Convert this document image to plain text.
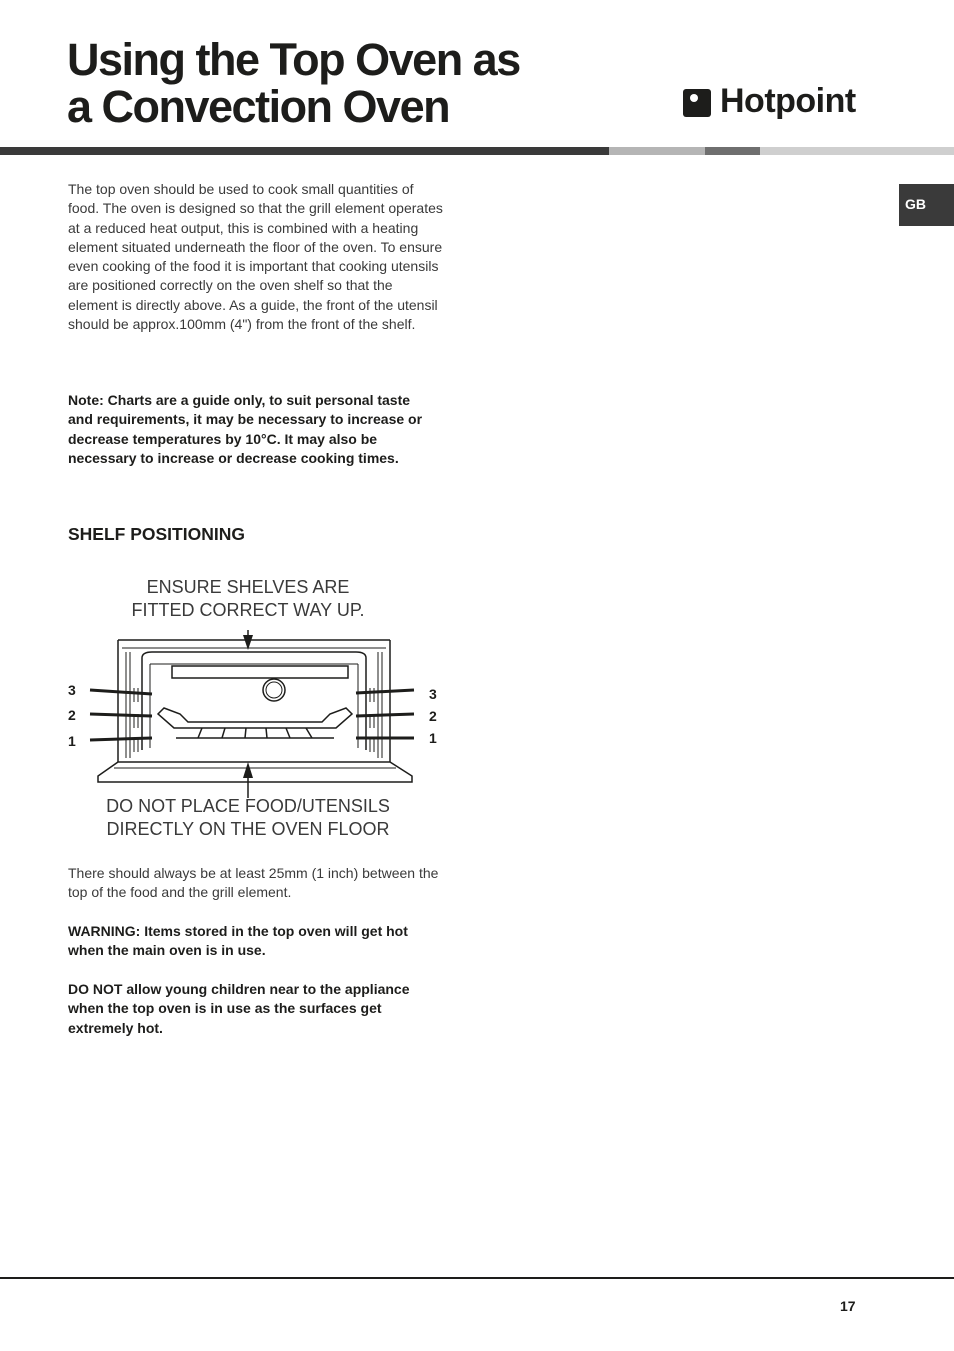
Using the Top Oven as
a Convection Oven	Hotpoint
GB

The top oven should be used to cook small quantities of food. The oven is designed so that the grill element operates at a reduced heat output, this is combined with a heating element situated underneath the floor of the oven. To ensure even cooking of the food it is important that cooking utensils are positioned correctly on the oven shelf so that the element is directly above. As a guide, the front of the utensil should be approx.100mm (4") from the front of the shelf.

Note: Charts are a guide only, to suit personal taste and requirements, it may be necessary to increase or decrease temperatures by 10°C. It may also be necessary to increase or decrease cooking times.

SHELF POSITIONING
ENSURE SHELVES ARE
FITTED CORRECT WAY UP.
3
2
1
3
2
1
DO NOT PLACE FOOD/UTENSILS
DIRECTLY ON THE OVEN FLOOR

There should always be at least 25mm (1 inch) between the top of the food and the grill element.

WARNING: Items stored in the top oven will get hot when the main oven is in use.

DO NOT allow young children near to the appliance when the top oven is in use as the surfaces get extremely hot.

17
